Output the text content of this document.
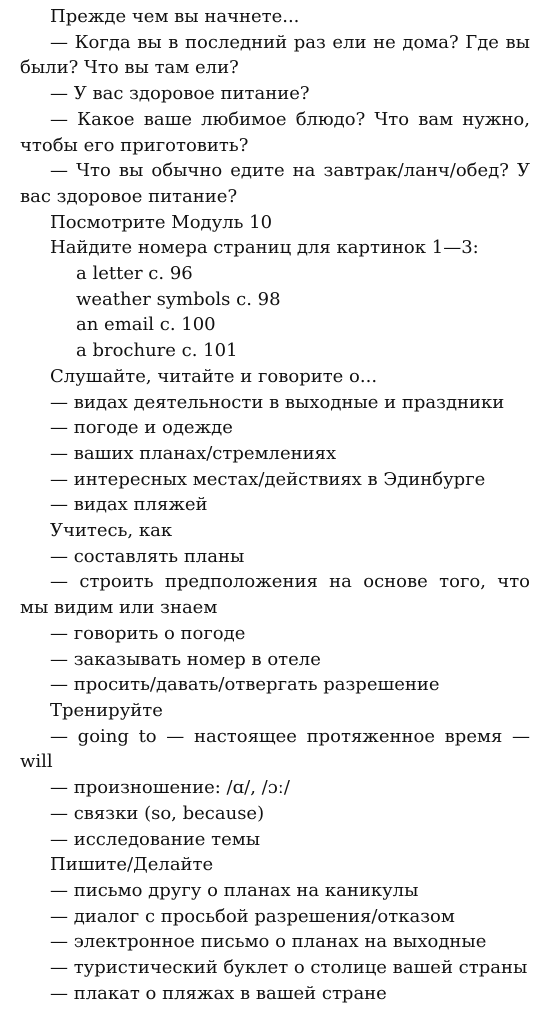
Прежде чем вы начнете...

— Когда вы в последний раз ели не дома? Где вы были? Что вы там ели?

— У вас здоровое питание?

— Какое ваше любимое блюдо? Что вам нужно, чтобы его приготовить?

— Что вы обычно едите на завтрак/ланч/обед? У вас здоровое питание?

Посмотрите Модуль 10

Найдите номера страниц для картинок 1—3:

a letter с. 96

weather symbols с. 98

an email с. 100

a brochure с. 101

Слушайте, читайте и говорите о...

— видах деятельности в выходные и праздники

— погоде и одежде

— ваших планах/стремлениях

— интересных местах/действиях в Эдинбурге

— видах пляжей

Учитесь, как

— составлять планы

— строить предположения на основе того, что мы видим или знаем

— говорить о погоде

— заказывать номер в отеле

— просить/давать/отвергать разрешение

Тренируйте

— going to — настоящее протяженное время — will

— произношение: /ɑ/, /ɔː/

— связки (so, because)

— исследование темы

Пишите/Делайте

— письмо другу о планах на каникулы

— диалог с просьбой разрешения/отказом

— электронное письмо о планах на выходные

— туристический буклет о столице вашей страны

— плакат о пляжах в вашей стране
